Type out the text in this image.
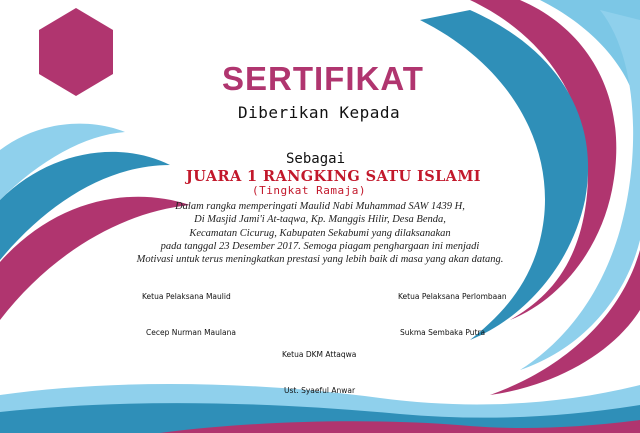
SERTIFIKAT
Diberikan Kepada
Sebagai
JUARA 1 RANGKING SATU ISLAMI
(Tingkat Ramaja)
Dalam rangka memperingati Maulid Nabi Muhammad SAW 1439 H,
Di Masjid Jami'i At-taqwa, Kp. Manggis Hilir, Desa Benda,
Kecamatan Cicurug, Kabupaten Sekabumi yang dilaksanakan
pada tanggal 23 Desember 2017. Semoga piagam penghargaan ini menjadi
Motivasi untuk terus meningkatkan prestasi yang lebih baik di masa yang akan datang.
Ketua Pelaksana Maulid
Cecep Nurman Maulana
Ketua Pelaksana Perlombaan
Sukma Sembaka Putra
Ketua DKM Attaqwa
Ust. Syaeful Anwar
